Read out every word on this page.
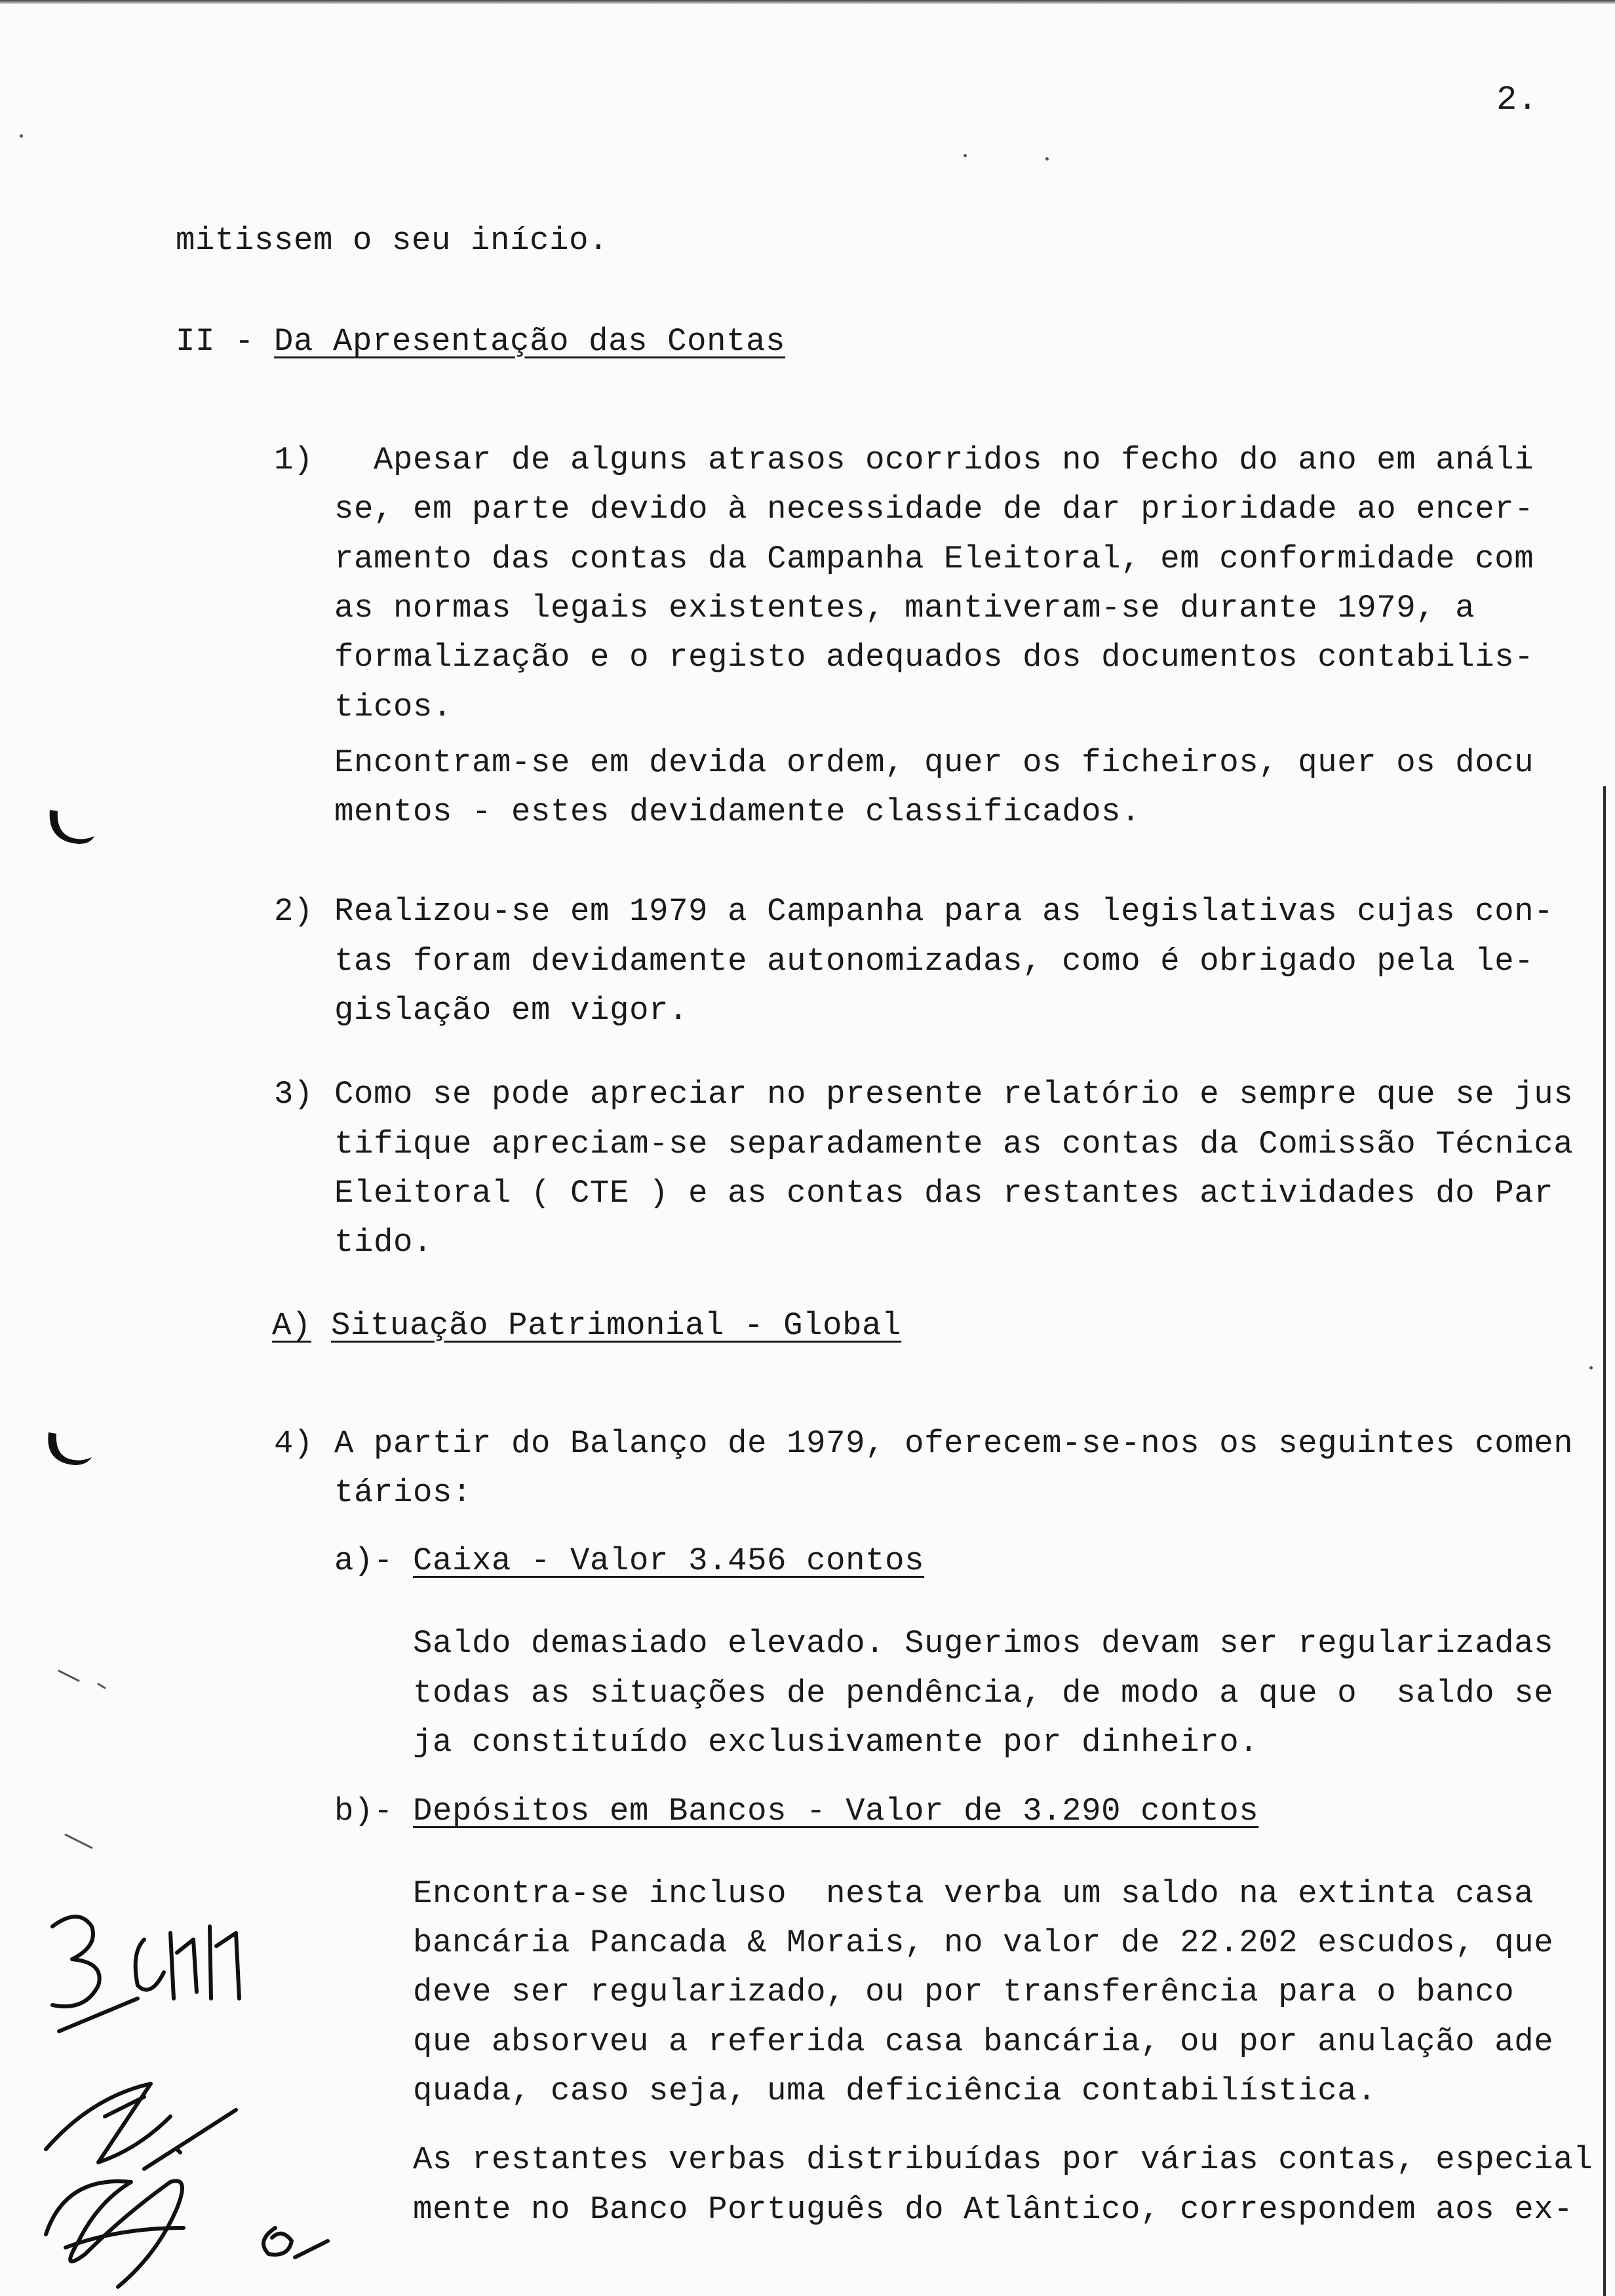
2.
mitissem o seu início.
II - Da Apresentação das Contas
1) Apesar de alguns atrasos ocorridos no fecho do ano em análi
se, em parte devido à necessidade de dar prioridade ao encer-
ramento das contas da Campanha Eleitoral, em conformidade com
as normas legais existentes, mantiveram-se durante 1979, a
formalização e o registo adequados dos documentos contabilis-
ticos.
Encontram-se em devida ordem, quer os ficheiros, quer os docu
mentos - estes devidamente classificados.
2) Realizou-se em 1979 a Campanha para as legislativas cujas con-
tas foram devidamente autonomizadas, como é obrigado pela le-
gislação em vigor.
3) Como se pode apreciar no presente relatório e sempre que se jus
tifique apreciam-se separadamente as contas da Comissão Técnica
Eleitoral ( CTE ) e as contas das restantes actividades do Par
tido.
A) Situação Patrimonial - Global
4) A partir do Balanço de 1979, oferecem-se-nos os seguintes comen
tários:
a)- Caixa - Valor 3.456 contos
Saldo demasiado elevado. Sugerimos devam ser regularizadas
todas as situações de pendência, de modo a que o  saldo se
ja constituído exclusivamente por dinheiro.
b)- Depósitos em Bancos - Valor de 3.290 contos
Encontra-se incluso  nesta verba um saldo na extinta casa
bancária Pancada & Morais, no valor de 22.202 escudos, que
deve ser regularizado, ou por transferência para o banco
que absorveu a referida casa bancária, ou por anulação ade
quada, caso seja, uma deficiência contabilística.
As restantes verbas distribuídas por várias contas, especial
mente no Banco Português do Atlântico, correspondem aos ex-
